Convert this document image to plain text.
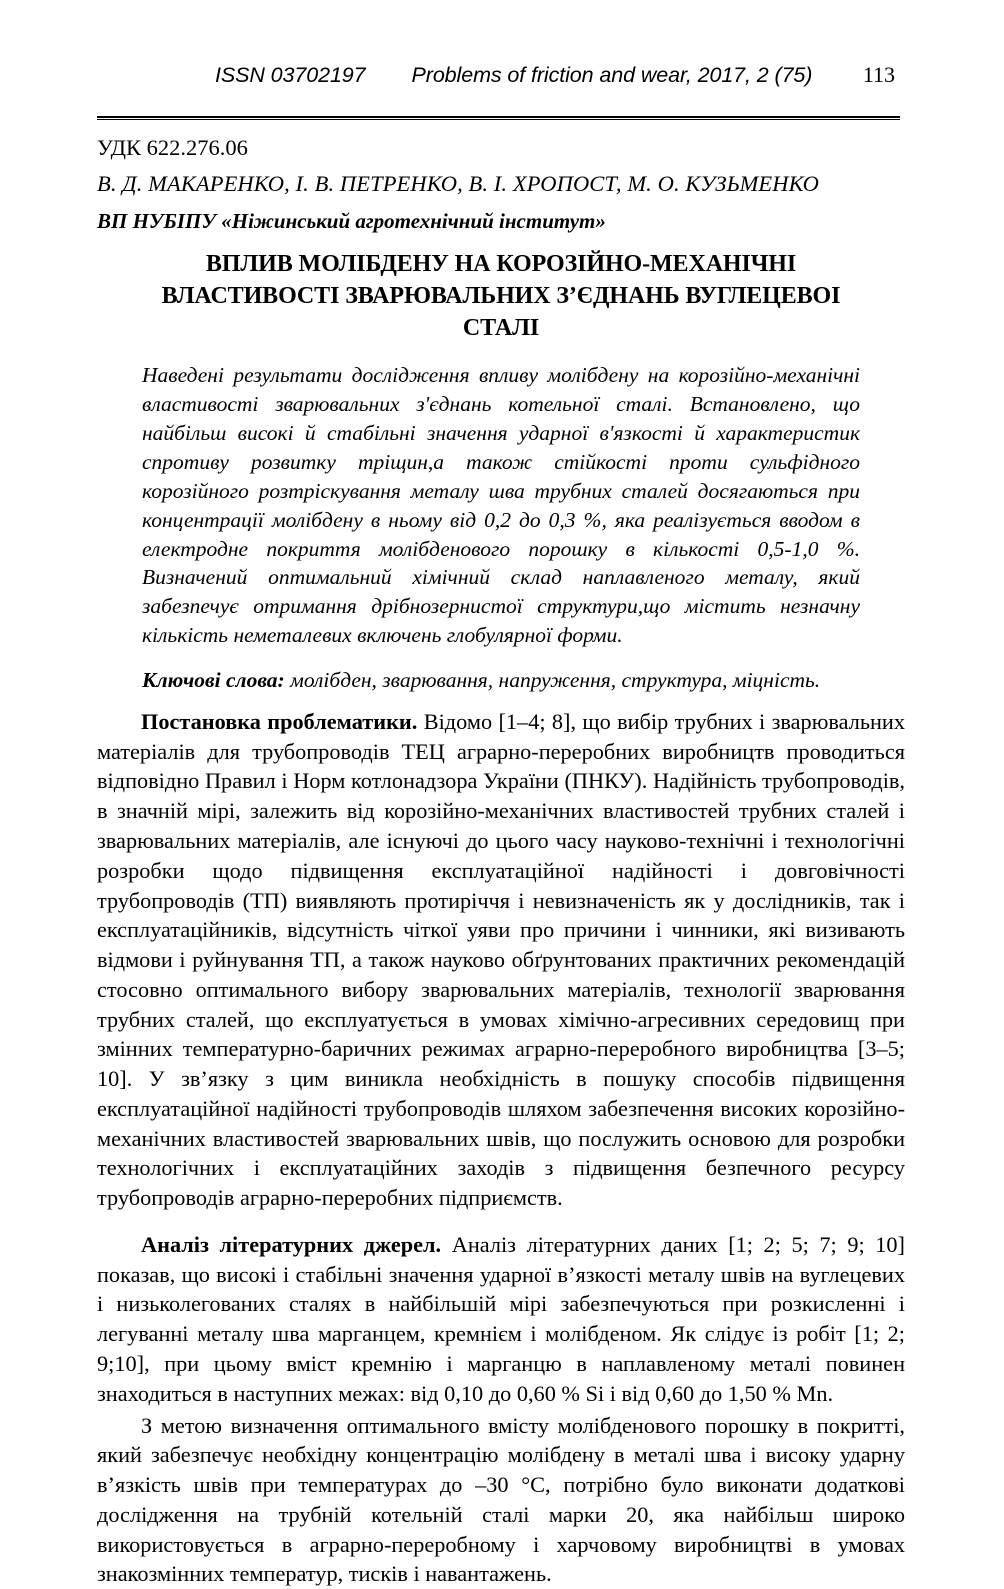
ISSN 03702197 Problems of friction and wear, 2017, 2 (75) 113

УДК 622.276.06

В. Д. МАКАРЕНКО, І. В. ПЕТРЕНКО, В. І. ХРОПОСТ, М. О. КУЗЬМЕНКО

ВП НУБІПУ «Ніжинський агротехнічний інститут»

ВПЛИВ МОЛІБДЕНУ НА КОРОЗІЙНО-МЕХАНІЧНІ ВЛАСТИВОСТІ ЗВАРЮВАЛЬНИХ З’ЄДНАНЬ ВУГЛЕЦЕВОІ СТАЛІ

Наведені результати дослідження впливу молібдену на корозійно-механічні властивості зварювальних з'єднань котельної сталі. Встановлено, що найбільш високі й стабільні значення ударної в'язкості й характеристик спротиву розвитку тріщин,а також стійкості проти сульфідного корозійного розтріскування металу шва трубних сталей досягаються при концентрації молібдену в ньому від 0,2 до 0,3 %, яка реалізується вводом в електродне покриття молібденового порошку в кількості 0,5-1,0 %. Визначений оптимальний хімічний склад наплавленого металу, який забезпечує отримання дрібнозернистої структури,що містить незначну кількість неметалевих включень глобулярної форми.

Ключові слова: молібден, зварювання, напруження, структура, міцність.

Постановка проблематики. Відомо [1–4; 8], що вибір трубних і зварювальних матеріалів для трубопроводів ТЕЦ аграрно-переробних виробництв проводиться відповідно Правил і Норм котлонадзора України (ПНКУ). Надійність трубопроводів, в значній мірі, залежить від корозійно-механічних властивостей трубних сталей і зварювальних матеріалів, але існуючі до цього часу науково-технічні і технологічні розробки щодо підвищення експлуатаційної надійності і довговічності трубопроводів (ТП) виявляють протиріччя і невизначеність як у дослідників, так і експлуатаційників, відсутність чіткої уяви про причини і чинники, які визивають відмови і руйнування ТП, а також науково обґрунтованих практичних рекомендацій стосовно оптимального вибору зварювальних матеріалів, технології зварювання трубних сталей, що експлуатується в умовах хімічно-агресивних середовищ при змінних температурно-баричних режимах аграрно-переробного виробництва [3–5; 10]. У зв’язку з цим виникла необхідність в пошуку способів підвищення експлуатаційної надійності трубопроводів шляхом забезпечення високих корозійно-механічних властивостей зварювальних швів, що послужить основою для розробки технологічних і експлуатаційних заходів з підвищення безпечного ресурсу трубопроводів аграрно-переробних підприємств.

Аналіз літературних джерел. Аналіз літературних даних [1; 2; 5; 7; 9; 10] показав, що високі і стабільні значення ударної в’язкості металу швів на вуглецевих і низьколегованих сталях в найбільшій мірі забезпечуються при розкисленні і легуванні металу шва марганцем, кремнієм і молібденом. Як слідує із робіт [1; 2; 9;10], при цьому вміст кремнію і марганцю в наплавленому металі повинен знаходиться в наступних межах: від 0,10 до 0,60 % Si і від 0,60 до 1,50 % Mn.

З метою визначення оптимального вмісту молібденового порошку в покритті, який забезпечує необхідну концентрацію молібдену в металі шва і високу ударну в’язкість швів при температурах до –30 °С, потрібно було виконати додаткові дослідження на трубній котельній сталі марки 20, яка найбільш широко використовується в аграрно-переробному і харчовому виробництві в умовах знакозмінних температур, тисків і навантажень.
